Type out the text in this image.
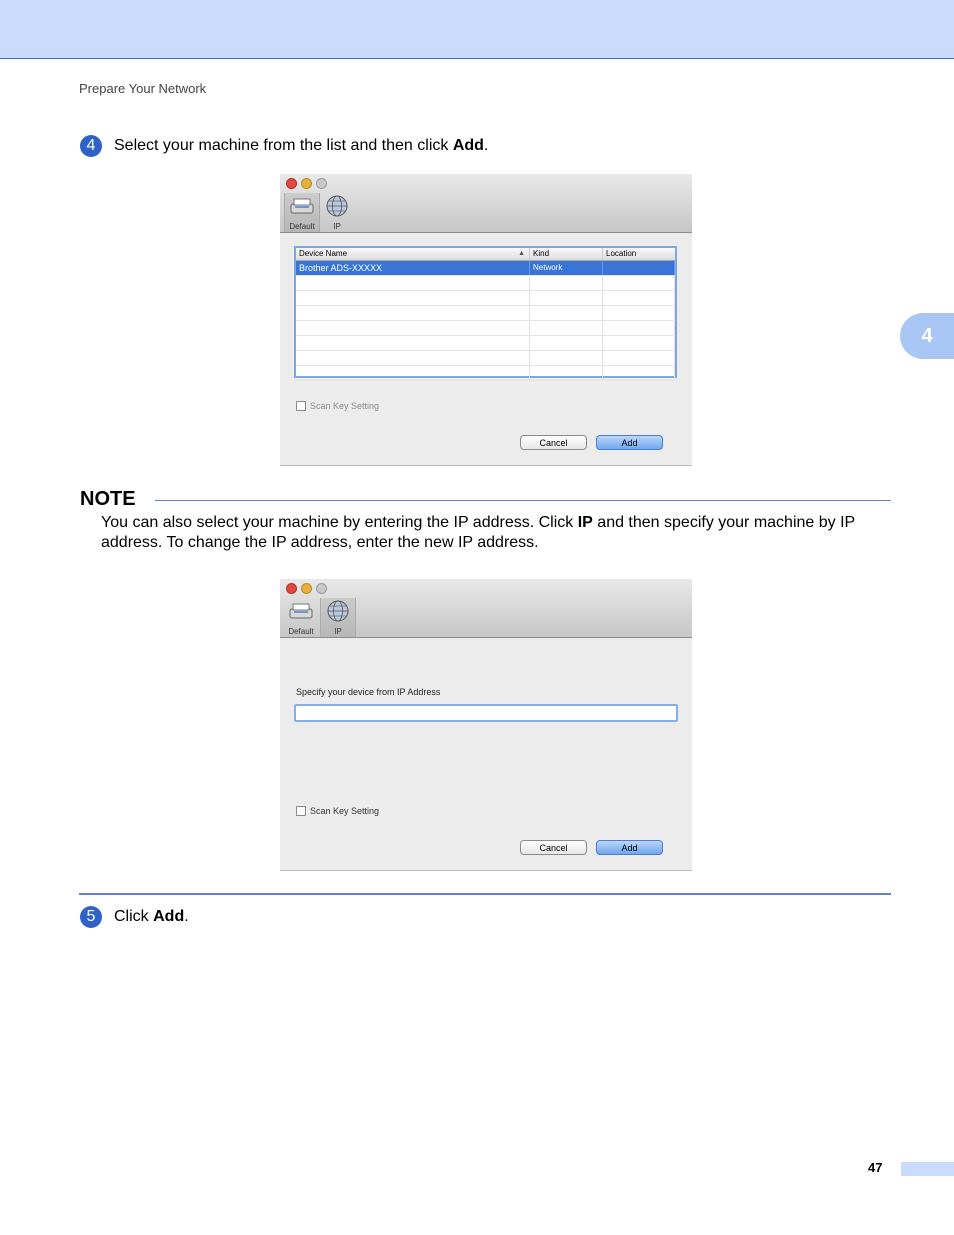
Prepare Your Network
4
4	Select your machine from the list and then click Add.
Default	IP
Device Name	▲	Kind	Location
Brother ADS-XXXXX	Network
Scan Key Setting
Cancel	Add
NOTE
You can also select your machine by entering the IP address. Click IP and then specify your machine by IP address. To change the IP address, enter the new IP address.
Default	IP
Specify your device from IP Address
Scan Key Setting
Cancel	Add
5	Click Add.
47
